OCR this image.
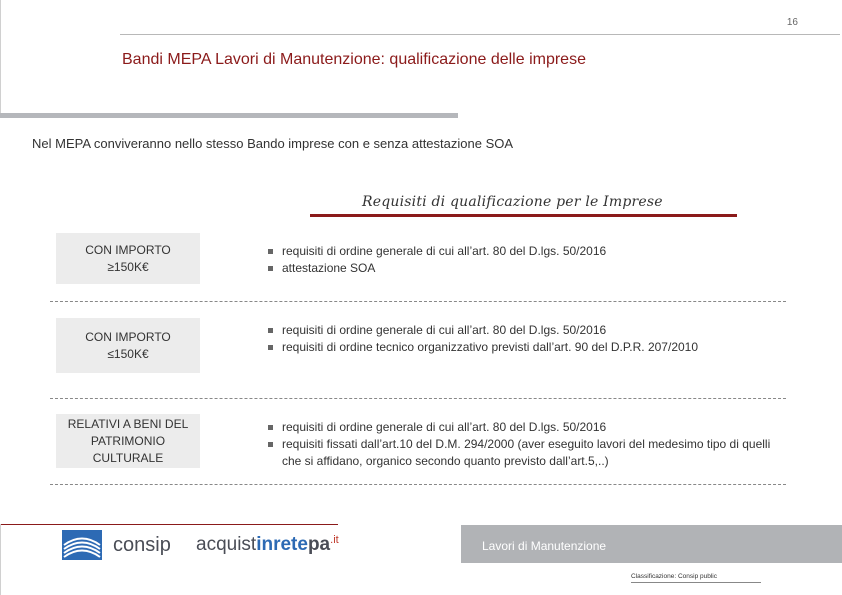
16
Bandi MEPA Lavori di Manutenzione: qualificazione delle imprese
Nel MEPA conviveranno nello stesso Bando imprese con e senza attestazione SOA
Requisiti di qualificazione per le Imprese
CON IMPORTO
≥150K€
requisiti di ordine generale di cui all’art. 80 del D.lgs. 50/2016
attestazione SOA
CON IMPORTO
≤150K€
requisiti di ordine generale di cui all’art. 80 del D.lgs. 50/2016
requisiti di ordine tecnico organizzativo previsti dall’art. 90 del D.P.R. 207/2010
RELATIVI A BENI DEL
PATRIMONIO
CULTURALE
requisiti di ordine generale di cui all’art. 80 del D.lgs. 50/2016
requisiti fissati dall’art.10 del D.M. 294/2000 (aver eseguito lavori del medesimo tipo di quelli che si affidano, organico secondo quanto previsto dall’art.5,..)
consip acquistinretepa$^{.it}$	Lavori di Manutenzione
Classificazione: Consip public
